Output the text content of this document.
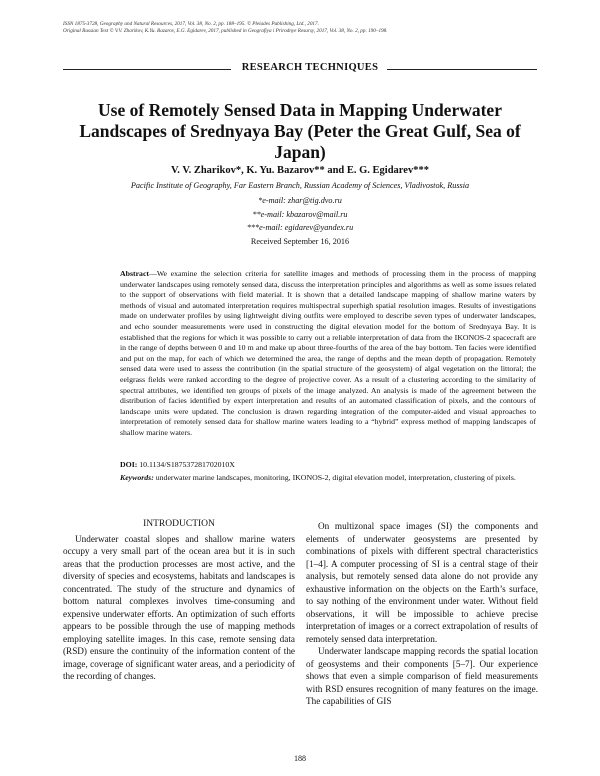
ISSN 1875-3728, Geography and Natural Resources, 2017, Vol. 38, No. 2, pp. 188–195. © Pleiades Publishing, Ltd., 2017.
Original Russian Text © V.V. Zharikov, K.Yu. Bazarov, E.G. Egidarev, 2017, published in Geografiya i Prirodnye Resursy, 2017, Vol. 38, No. 2, pp. 190–198.
RESEARCH TECHNIQUES
Use of Remotely Sensed Data in Mapping Underwater Landscapes of Srednyaya Bay (Peter the Great Gulf, Sea of Japan)
V. V. Zharikov*, K. Yu. Bazarov** and E. G. Egidarev***
Pacific Institute of Geography, Far Eastern Branch, Russian Academy of Sciences, Vladivostok, Russia
*e-mail: zhar@tig.dvo.ru
**e-mail: kbazarov@mail.ru
***e-mail: egidarev@yandex.ru
Received September 16, 2016
Abstract—We examine the selection criteria for satellite images and methods of processing them in the process of mapping underwater landscapes using remotely sensed data, discuss the interpretation principles and algorithms as well as some issues related to the support of observations with field material. It is shown that a detailed landscape mapping of shallow marine waters by methods of visual and automated interpretation requires multispectral superhigh spatial resolution images. Results of investigations made on underwater profiles by using lightweight diving outfits were employed to describe seven types of underwater landscapes, and echo sounder measurements were used in constructing the digital elevation model for the bottom of Srednyaya Bay. It is established that the regions for which it was possible to carry out a reliable interpretation of data from the IKONOS-2 spacecraft are in the range of depths between 0 and 10 m and make up about three-fourths of the area of the bay bottom. Ten facies were identified and put on the map, for each of which we determined the area, the range of depths and the mean depth of propagation. Remotely sensed data were used to assess the contribution (in the spatial structure of the geosystem) of algal vegetation on the littoral; the eelgrass fields were ranked according to the degree of projective cover. As a result of a clustering according to the similarity of spectral attributes, we identified ten groups of pixels of the image analyzed. An analysis is made of the agreement between the distribution of facies identified by expert interpretation and results of an automated classification of pixels, and the contours of landscape units were updated. The conclusion is drawn regarding integration of the computer-aided and visual approaches to interpretation of remotely sensed data for shallow marine waters leading to a “hybrid” express method of mapping landscapes of shallow marine waters.
DOI: 10.1134/S187537281702010X
Keywords: underwater marine landscapes, monitoring, IKONOS-2, digital elevation model, interpretation, clustering of pixels.
INTRODUCTION

Underwater coastal slopes and shallow marine waters occupy a very small part of the ocean area but it is in such areas that the production processes are most active, and the diversity of species and ecosystems, habitats and landscapes is concentrated. The study of the structure and dynamics of bottom natural complexes involves time-consuming and expensive underwater efforts. An optimization of such efforts appears to be possible through the use of mapping methods employing satellite images. In this case, remote sensing data (RSD) ensure the continuity of the information content of the image, coverage of significant water areas, and a periodicity of the recording of changes.

On multizonal space images (SI) the components and elements of underwater geosystems are presented by combinations of pixels with different spectral characteristics [1–4]. A computer processing of SI is a central stage of their analysis, but remotely sensed data alone do not provide any exhaustive information on the objects on the Earth’s surface, to say nothing of the environment under water. Without field observations, it will be impossible to achieve precise interpretation of images or a correct extrapolation of results of remotely sensed data interpretation.

Underwater landscape mapping records the spatial location of geosystems and their components [5–7]. Our experience shows that even a simple comparison of field measurements with RSD ensures recognition of many features on the image. The capabilities of GIS

188
